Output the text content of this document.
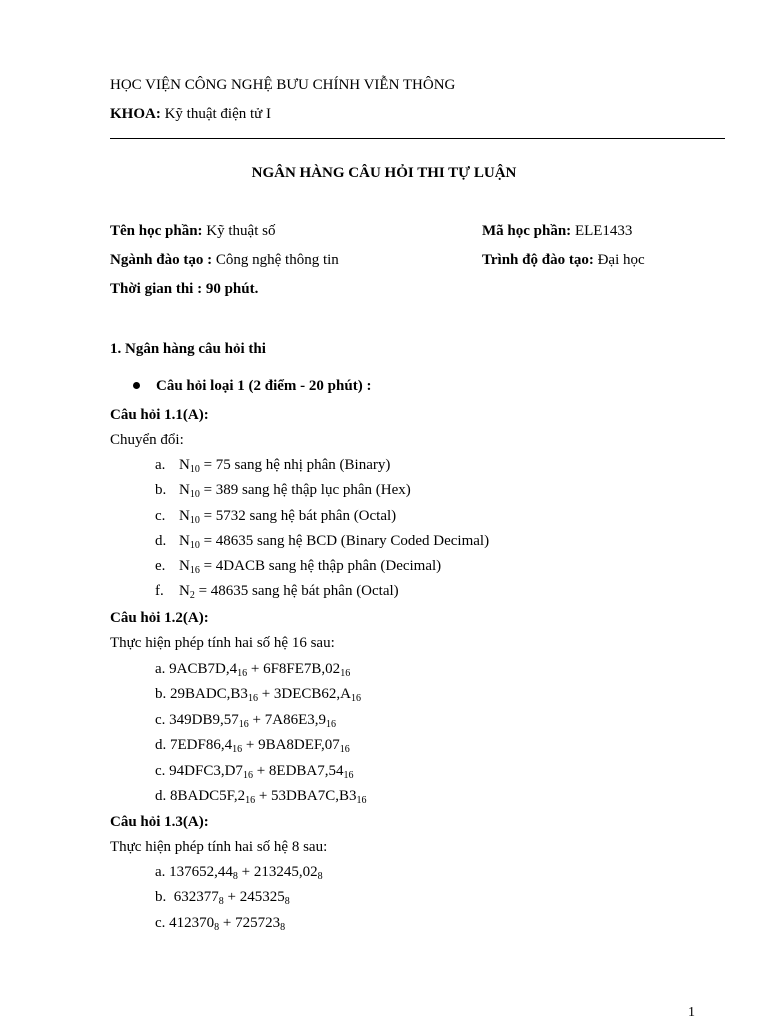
HỌC VIỆN CÔNG NGHỆ BƯU CHÍNH VIỄN THÔNG
KHOA: Kỹ thuật điện tử I
NGÂN HÀNG CÂU HỎI THI TỰ LUẬN
Tên học phần: Kỹ thuật số	Mã học phần: ELE1433
Ngành đào tạo : Công nghệ thông tin	Trình độ đào tạo: Đại học
Thời gian thi : 90 phút.
1. Ngân hàng câu hỏi thi
Câu hỏi loại 1 (2 điểm - 20 phút) :
Câu hỏi 1.1(A):
Chuyển đổi:
a. $N_{10} = 75$ sang hệ nhị phân (Binary)
b. $N_{10} = 389$ sang hệ thập lục phân (Hex)
c. $N_{10} = 5732$ sang hệ bát phân (Octal)
d. $N_{10} = 48635$ sang hệ BCD (Binary Coded Decimal)
e. $N_{16}$ = 4DACB sang hệ thập phân (Decimal)
f. $N_2 = 48635$ sang hệ bát phân (Octal)
Câu hỏi 1.2(A):
Thực hiện phép tính hai số hệ 16 sau:
a. $9ACB7D,4_{16} + 6F8FE7B,02_{16}$
b. $29BADC,B3_{16}$ + $3DECB62,A_{16}$
c. $349DB9,57_{16} + 7A86E3,9_{16}$
d. $7EDF86,4_{16} + 9BA8DEF,07_{16}$
c. $94DFC3,D7_{16}$ + $8EDBA7,54_{16}$
d. $8BADC5F,2_{16} + 53DBA7C,B3_{16}$
Câu hỏi 1.3(A):
Thực hiện phép tính hai số hệ 8 sau:
a. $137652,44_8 + 213245,02_8$
b.  $632377_8 + 245325_8$
c. $412370_8 + 725723_8$
1
